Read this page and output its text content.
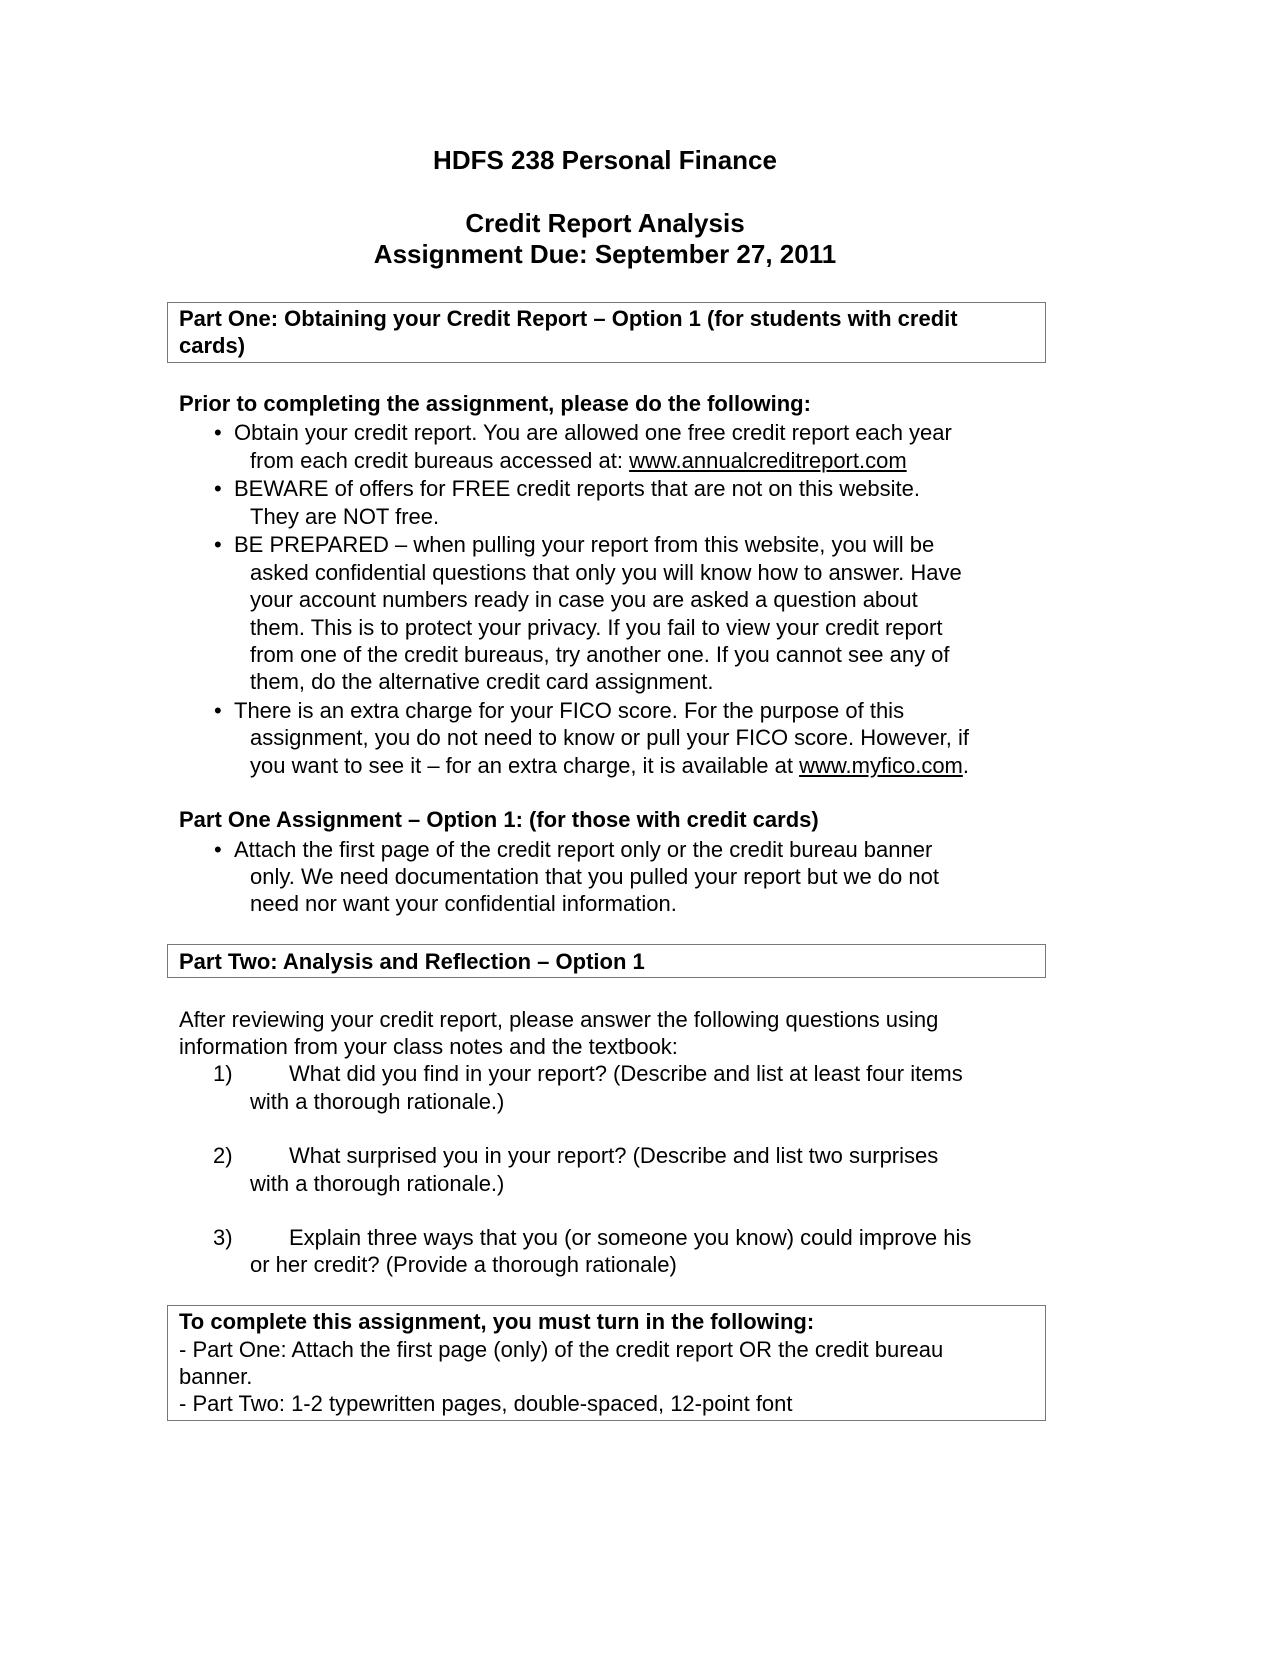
HDFS 238 Personal Finance
Credit Report Analysis
Assignment Due: September 27, 2011
Part One: Obtaining your Credit Report – Option 1 (for students with credit
cards)
Prior to completing the assignment, please do the following:
• Obtain your credit report. You are allowed one free credit report each year
from each credit bureaus accessed at: www.annualcreditreport.com
• BEWARE of offers for FREE credit reports that are not on this website.
They are NOT free.
• BE PREPARED – when pulling your report from this website, you will be
asked confidential questions that only you will know how to answer. Have
your account numbers ready in case you are asked a question about
them. This is to protect your privacy. If you fail to view your credit report
from one of the credit bureaus, try another one. If you cannot see any of
them, do the alternative credit card assignment.
• There is an extra charge for your FICO score. For the purpose of this
assignment, you do not need to know or pull your FICO score. However, if
you want to see it – for an extra charge, it is available at www.myfico.com.
Part One Assignment – Option 1: (for those with credit cards)
• Attach the first page of the credit report only or the credit bureau banner
only. We need documentation that you pulled your report but we do not
need nor want your confidential information.
Part Two: Analysis and Reflection – Option 1
After reviewing your credit report, please answer the following questions using
information from your class notes and the textbook:
1)	What did you find in your report? (Describe and list at least four items
with a thorough rationale.)
2)	What surprised you in your report? (Describe and list two surprises
with a thorough rationale.)
3)	Explain three ways that you (or someone you know) could improve his
or her credit? (Provide a thorough rationale)
To complete this assignment, you must turn in the following:
- Part One: Attach the first page (only) of the credit report OR the credit bureau
banner.
- Part Two: 1-2 typewritten pages, double-spaced, 12-point font
